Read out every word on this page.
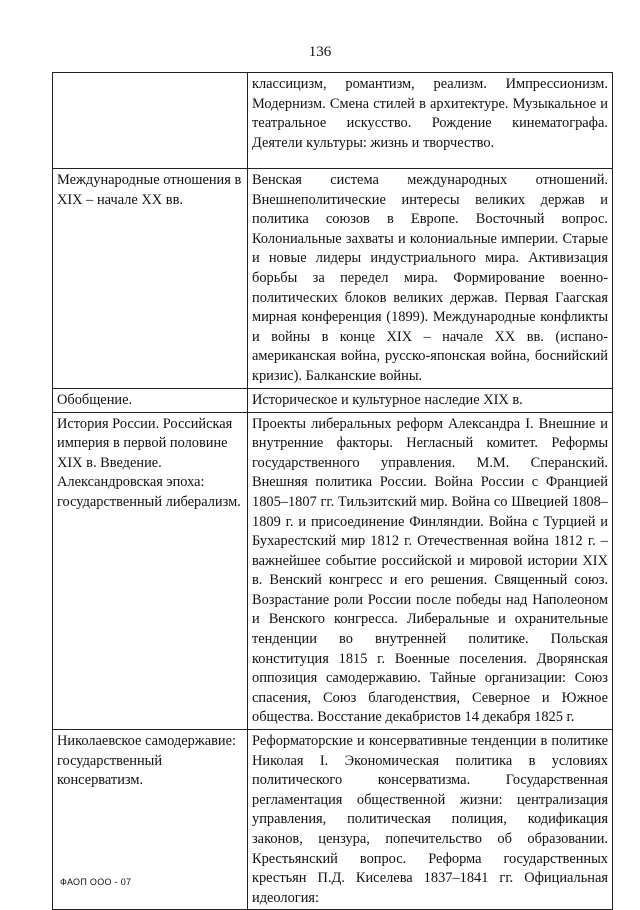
136
	классицизм, романтизм, реализм. Импрессионизм. Модернизм. Смена стилей в архитектуре. Музыкальное и театральное искусство. Рождение кинематографа. Деятели культуры: жизнь и творчество.
Международные отношения в XIX – начале XX вв.	Венская система международных отношений. Внешнеполитические интересы великих держав и политика союзов в Европе. Восточный вопрос. Колониальные захваты и колониальные империи. Старые и новые лидеры индустриального мира. Активизация борьбы за передел мира. Формирование военно-политических блоков великих держав. Первая Гаагская мирная конференция (1899). Международные конфликты и войны в конце XIX – начале XX вв. (испано-американская война, русско-японская война, боснийский кризис). Балканские войны.
Обобщение.	Историческое и культурное наследие XIX в.
История России. Российская империя в первой половине XIX в. Введение. Александровская эпоха: государственный либерализм.	Проекты либеральных реформ Александра I. Внешние и внутренние факторы. Негласный комитет. Реформы государственного управления. М.М. Сперанский. Внешняя политика России. Война России с Францией 1805–1807 гг. Тильзитский мир. Война со Швецией 1808–1809 г. и присоединение Финляндии. Война с Турцией и Бухарестский мир 1812 г. Отечественная война 1812 г. – важнейшее событие российской и мировой истории XIX в. Венский конгресс и его решения. Священный союз. Возрастание роли России после победы над Наполеоном и Венского конгресса. Либеральные и охранительные тенденции во внутренней политике. Польская конституция 1815 г. Военные поселения. Дворянская оппозиция самодержавию. Тайные организации: Союз спасения, Союз благоденствия, Северное и Южное общества. Восстание декабристов 14 декабря 1825 г.
Николаевское самодержавие: государственный консерватизм.	Реформаторские и консервативные тенденции в политике Николая I. Экономическая политика в условиях политического консерватизма. Государственная регламентация общественной жизни: централизация управления, политическая полиция, кодификация законов, цензура, попечительство об образовании. Крестьянский вопрос. Реформа государственных крестьян П.Д. Киселева 1837–1841 гг. Официальная идеология:
ФАОП ООО - 07
